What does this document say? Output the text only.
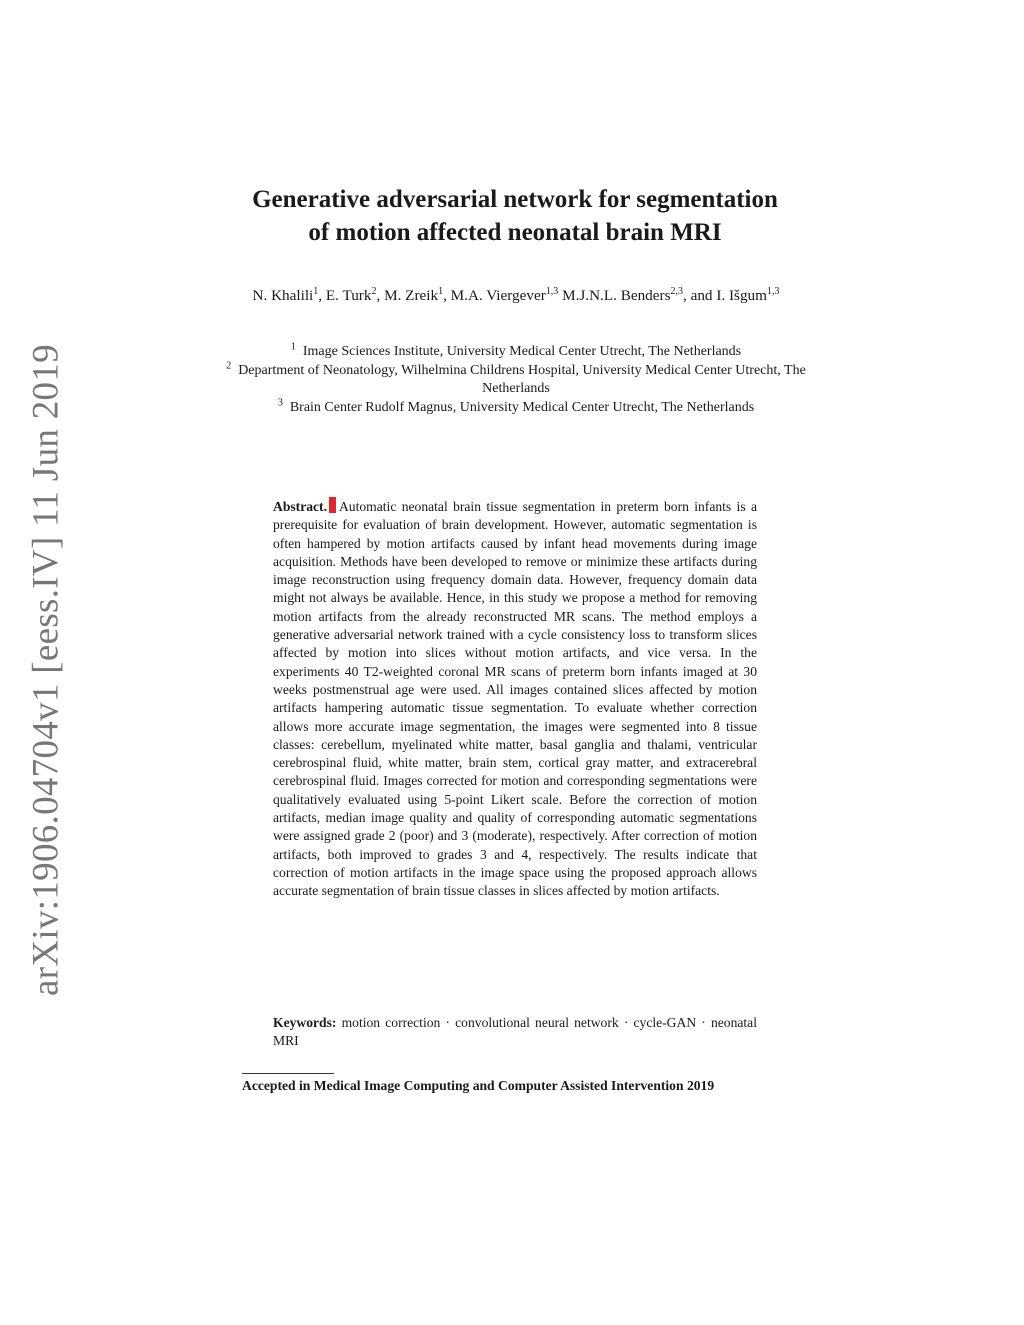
arXiv:1906.04704v1 [eess.IV] 11 Jun 2019
Generative adversarial network for segmentation
of motion affected neonatal brain MRI

N. Khalili$^1$, E. Turk$^2$, M. Zreik$^1$, M.A. Viergever$^{1,3}$ M.J.N.L. Benders$^{2,3}$, and I. Išgum$^{1,3}$

$^1$ Image Sciences Institute, University Medical Center Utrecht, The Netherlands

$^2$ Department of Neonatology, Wilhelmina Childrens Hospital, University Medical Center Utrecht, The Netherlands

$^3$ Brain Center Rudolf Magnus, University Medical Center Utrecht, The Netherlands

Abstract. Automatic neonatal brain tissue segmentation in preterm born infants is a prerequisite for evaluation of brain development. However, automatic segmentation is often hampered by motion artifacts caused by infant head movements during image acquisition. Methods have been developed to remove or minimize these artifacts during image reconstruction using frequency domain data. However, frequency domain data might not always be available. Hence, in this study we propose a method for removing motion artifacts from the already reconstructed MR scans. The method employs a generative adversarial network trained with a cycle consistency loss to transform slices affected by motion into slices without motion artifacts, and vice versa. In the experiments 40 T2-weighted coronal MR scans of preterm born infants imaged at 30 weeks postmenstrual age were used. All images contained slices affected by motion artifacts hampering automatic tissue segmentation. To evaluate whether correction allows more accurate image segmentation, the images were segmented into 8 tissue classes: cerebellum, myelinated white matter, basal ganglia and thalami, ventricular cerebrospinal fluid, white matter, brain stem, cortical gray matter, and extracerebral cerebrospinal fluid. Images corrected for motion and corresponding segmentations were qualitatively evaluated using 5-point Likert scale. Before the correction of motion artifacts, median image quality and quality of corresponding automatic segmentations were assigned grade 2 (poor) and 3 (moderate), respectively. After correction of motion artifacts, both improved to grades 3 and 4, respectively. The results indicate that correction of motion artifacts in the image space using the proposed approach allows accurate segmentation of brain tissue classes in slices affected by motion artifacts.

Keywords: motion correction · convolutional neural network · cycle-GAN · neonatal MRI

Accepted in Medical Image Computing and Computer Assisted Intervention 2019
